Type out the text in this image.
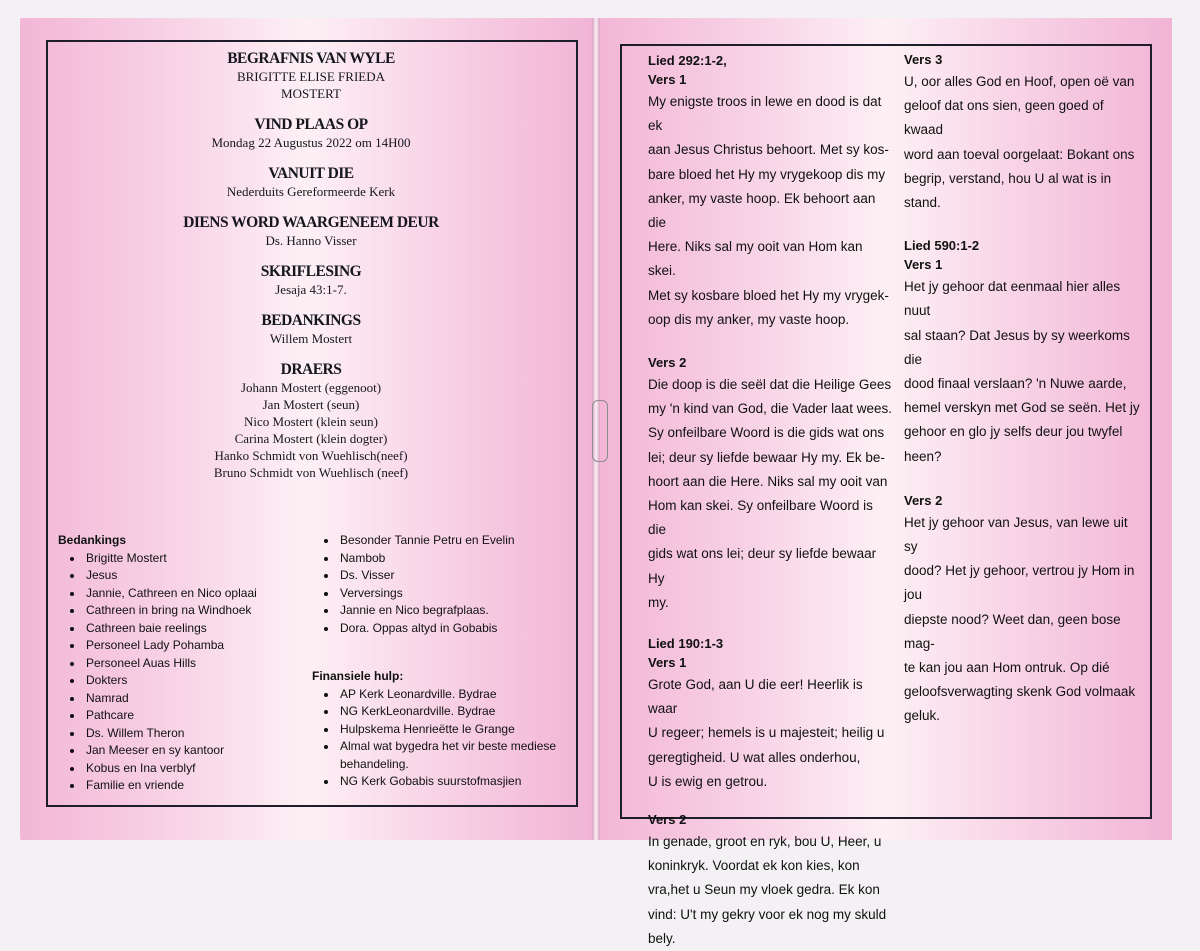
BEGRAFNIS VAN WYLE
BRIGITTE ELISE FRIEDA
MOSTERT
VIND PLAAS OP
Mondag 22 Augustus 2022 om 14H00
VANUIT DIE
Nederduits Gereformeerde Kerk
DIENS WORD WAARGENEEM DEUR
Ds. Hanno Visser
SKRIFLESING
Jesaja 43:1-7.
BEDANKINGS
Willem Mostert
DRAERS
Johann Mostert (eggenoot)
Jan Mostert (seun)
Nico Mostert (klein seun)
Carina Mostert (klein dogter)
Hanko Schmidt von Wuehlisch(neef)
Bruno Schmidt von Wuehlisch (neef)
Bedankings
• Brigitte Mostert
• Jesus
• Jannie, Cathreen en Nico oplaai
• Cathreen in bring na Windhoek
• Cathreen baie reelings
• Personeel Lady Pohamba
• Personeel Auas Hills
• Dokters
• Namrad
• Pathcare
• Ds. Willem Theron
• Jan Meeser en sy kantoor
• Kobus en Ina verblyf
• Familie en vriende
• Besonder Tannie Petru en Evelin
• Nambob
• Ds. Visser
• Verversings
• Jannie en Nico begrafplaas.
• Dora. Oppas altyd in Gobabis
Finansiele hulp:
• AP Kerk Leonardville. Bydrae
• NG KerkLeonardville. Bydrae
• Hulpskema Henrieëtte le Grange
• Almal wat bygedra het vir beste mediese behandeling.
• NG Kerk Gobabis suurstofmasjien
Lied 292:1-2,
Vers 1
My enigste troos in lewe en dood is dat ek
aan Jesus Christus behoort. Met sy kos-
bare bloed het Hy my vrygekoop dis my
anker, my vaste hoop. Ek behoort aan die
Here. Niks sal my ooit van Hom kan skei.
Met sy kosbare bloed het Hy my vrygek-
oop dis my anker, my vaste hoop.
Vers 2
Die doop is die seël dat die Heilige Gees
my 'n kind van God, die Vader laat wees.
Sy onfeilbare Woord is die gids wat ons
lei; deur sy liefde bewaar Hy my. Ek be-
hoort aan die Here. Niks sal my ooit van
Hom kan skei. Sy onfeilbare Woord is die
gids wat ons lei; deur sy liefde bewaar Hy
my.
Lied 190:1-3
Vers 1
Grote God, aan U die eer! Heerlik is waar
U regeer; hemels is u majesteit; heilig u
geregtigheid. U wat alles onderhou,
U is ewig en getrou.
Vers 2
In genade, groot en ryk, bou U, Heer, u
koninkryk. Voordat ek kon kies, kon
vra,het u Seun my vloek gedra. Ek kon
vind: U't my gekry voor ek nog my skuld
bely.
Vers 3
U, oor alles God en Hoof, open oë van
geloof dat ons sien, geen goed of kwaad
word aan toeval oorgelaat: Bokant ons
begrip, verstand, hou U al wat is in stand.
Lied 590:1-2
Vers 1
Het jy gehoor dat eenmaal hier alles nuut
sal staan? Dat Jesus by sy weerkoms die
dood finaal verslaan? 'n Nuwe aarde,
hemel verskyn met God se seën. Het jy
gehoor en glo jy selfs deur jou twyfel
heen?
Vers 2
Het jy gehoor van Jesus, van lewe uit sy
dood? Het jy gehoor, vertrou jy Hom in jou
diepste nood? Weet dan, geen bose mag-
te kan jou aan Hom ontruk. Op dié
geloofsverwagting skenk God volmaak
geluk.
